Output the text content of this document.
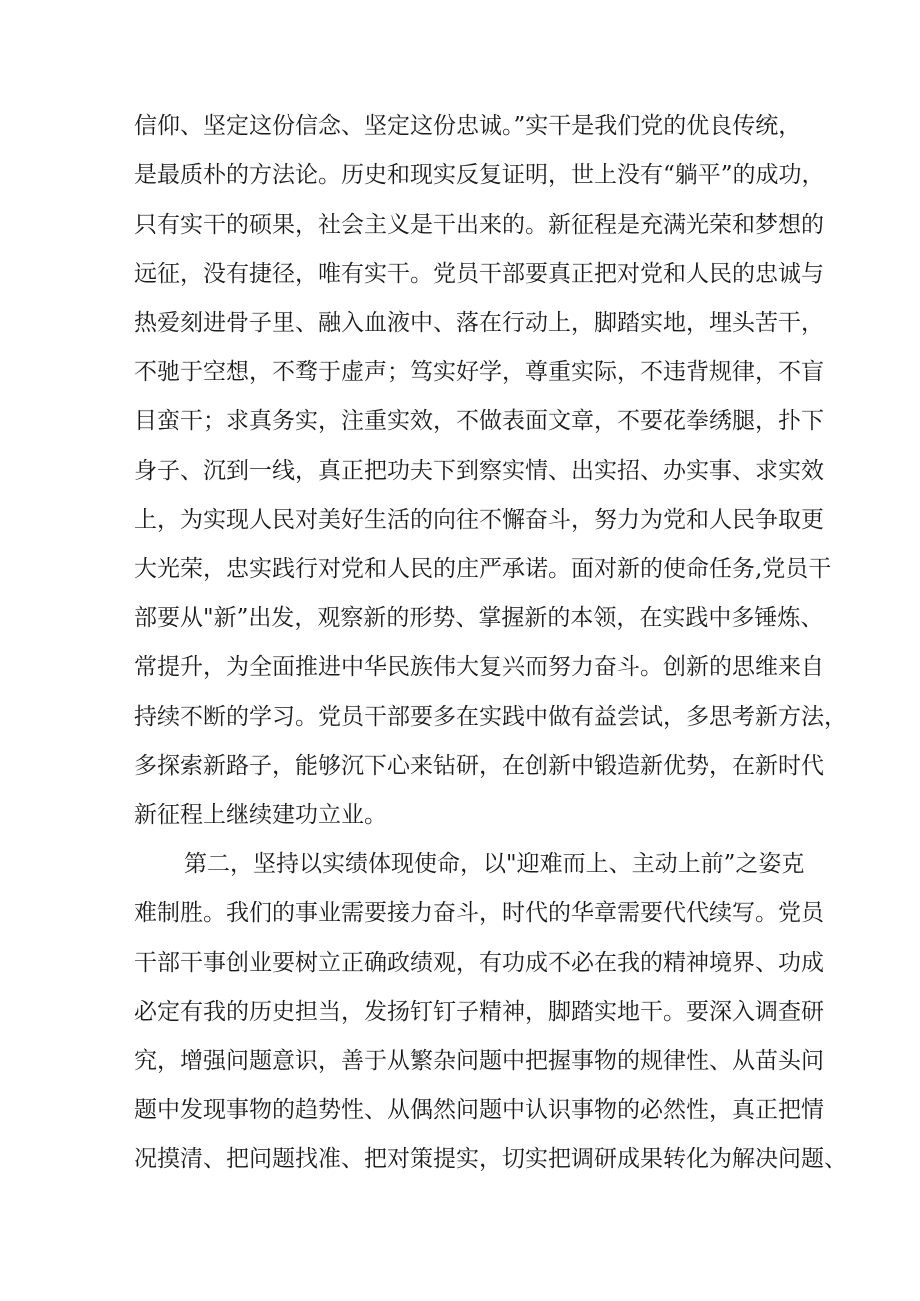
信仰、坚定这份信念、坚定这份忠诚。”实干是我们党的优良传统，
是最质朴的方法论。历史和现实反复证明，世上没有“躺平”的成功，
只有实干的硕果，社会主义是干出来的。新征程是充满光荣和梦想的
远征，没有捷径，唯有实干。党员干部要真正把对党和人民的忠诚与
热爱刻进骨子里、融入血液中、落在行动上，脚踏实地，埋头苦干，
不驰于空想，不骛于虚声；笃实好学，尊重实际，不违背规律，不盲
目蛮干；求真务实，注重实效，不做表面文章，不要花拳绣腿，扑下
身子、沉到一线，真正把功夫下到察实情、出实招、办实事、求实效
上，为实现人民对美好生活的向往不懈奋斗，努力为党和人民争取更
大光荣，忠实践行对党和人民的庄严承诺。面对新的使命任务,党员干
部要从"新”出发，观察新的形势、掌握新的本领，在实践中多锤炼、
常提升，为全面推进中华民族伟大复兴而努力奋斗。创新的思维来自
持续不断的学习。党员干部要多在实践中做有益尝试，多思考新方法，
多探索新路子，能够沉下心来钻研，在创新中锻造新优势，在新时代
新征程上继续建功立业。
第二，坚持以实绩体现使命，以"迎难而上、主动上前”之姿克
难制胜。我们的事业需要接力奋斗，时代的华章需要代代续写。党员
干部干事创业要树立正确政绩观，有功成不必在我的精神境界、功成
必定有我的历史担当，发扬钉钉子精神，脚踏实地干。要深入调查研
究，增强问题意识，善于从繁杂问题中把握事物的规律性、从苗头问
题中发现事物的趋势性、从偶然问题中认识事物的必然性，真正把情
况摸清、把问题找准、把对策提实，切实把调研成果转化为解决问题、
